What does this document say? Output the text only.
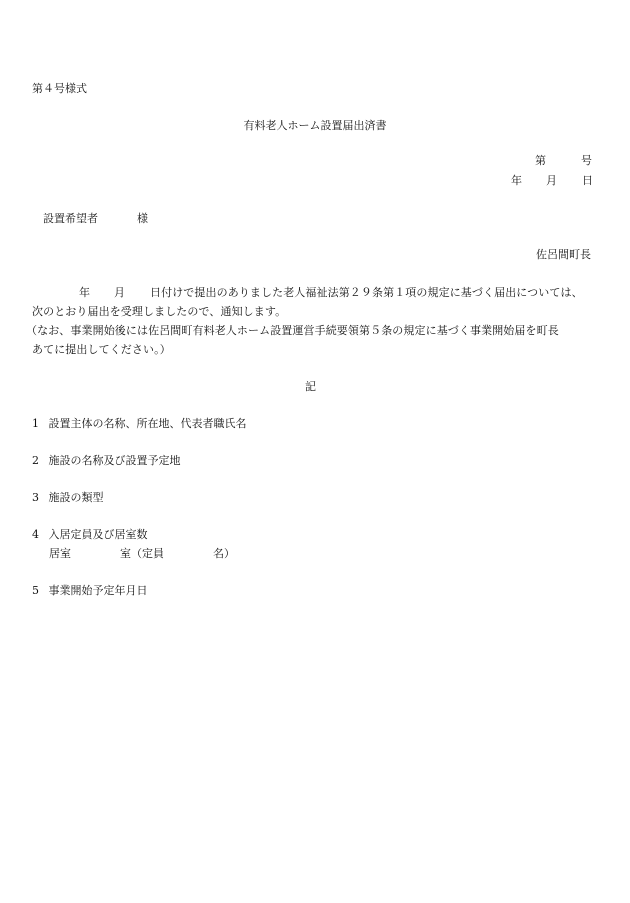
第４号様式
有料老人ホーム設置届出済書
第	号
年 月 日
設置希望者	様
佐呂間町長
年 月 日付けで提出のありました老人福祉法第２９条第１項の規定に基づく届出については、
次のとおり届出を受理しましたので、通知します。
（なお、事業開始後には佐呂間町有料老人ホーム設置運営手続要領第５条の規定に基づく事業開始届を町長
あてに提出してください。）
記
1 設置主体の名称、所在地、代表者職氏名
2 施設の名称及び設置予定地
3 施設の類型
4 入居定員及び居室数
居室	室（定員	名）
5 事業開始予定年月日
